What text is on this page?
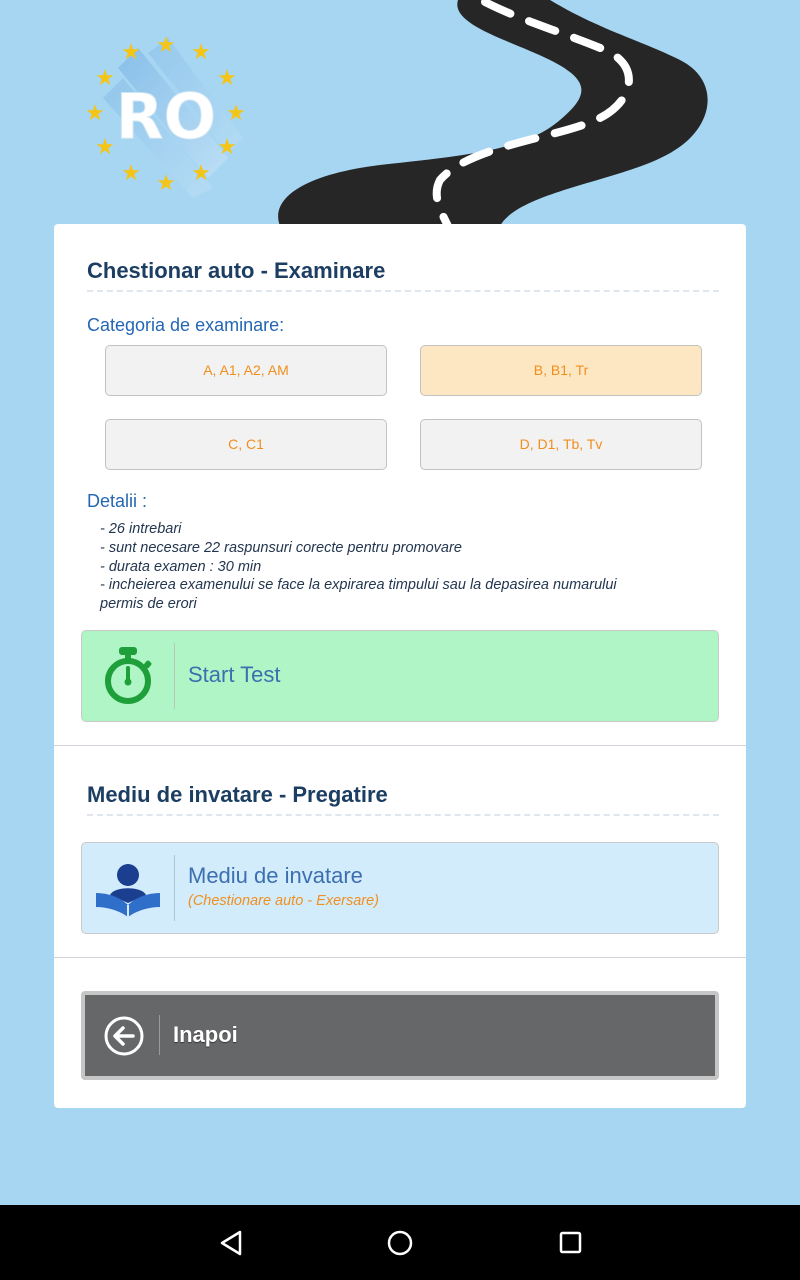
★ ★
★
★
★
★
★
★
★
★
★
★
RO
Chestionar auto - Examinare
Categoria de examinare:
A, A1, A2, AM	B, B1, Tr
C, C1	D, D1, Tb, Tv
Detalii :
- 26 intrebari
- sunt necesare 22 raspunsuri corecte pentru promovare
- durata examen : 30 min
- incheierea examenului se face la expirarea timpului sau la depasirea numarului
permis de erori
Start Test
Mediu de invatare - Pregatire
Mediu de invatare
(Chestionare auto - Exersare)
Inapoi
